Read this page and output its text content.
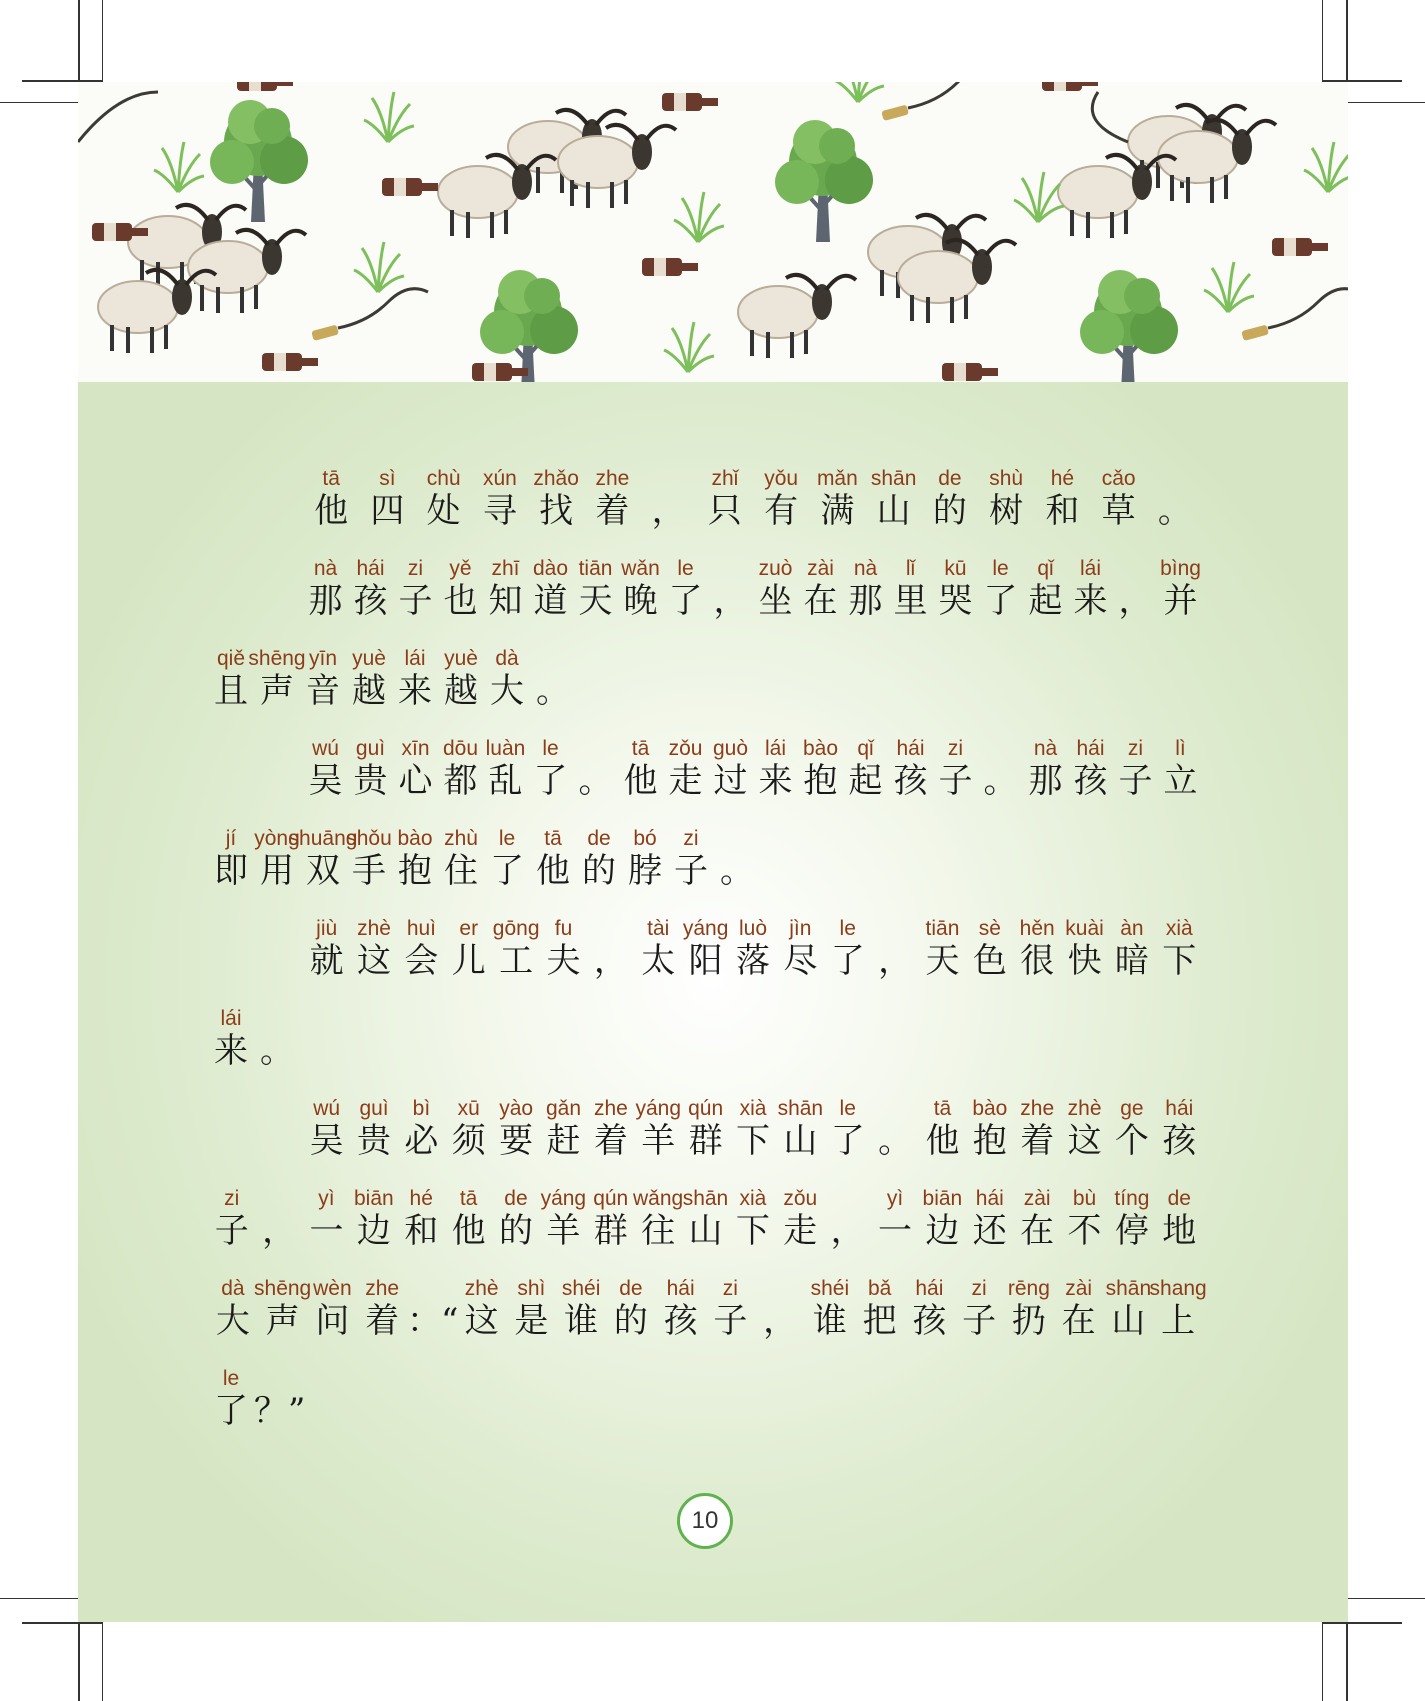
tā
他
sì
四
chù
处
xún
寻
zhǎo
找
zhe
着 ，
zhǐ
只
yǒu
有
mǎn
满
shān
山
de
的
shù
树
hé
和
cǎo
草 。
nà
那
hái
孩
zi
子
yě
也
zhī
知
dào
道
tiān
天
wǎn
晚
le
了 ，
zuò
坐
zài
在
nà
那
lǐ
里
kū
哭
le
了
qǐ
起
lái
来 ，
bìng
并
qiě
且
shēng
声
yīn
音
yuè
越
lái
来
yuè
越
dà
大 。
wú
吴
guì
贵
xīn
心
dōu
都
luàn
乱
le
了 。
tā
他
zǒu
走
guò
过
lái
来
bào
抱
qǐ
起
hái
孩
zi
子 。
nà
那
hái
孩
zi
子
lì
立
jí
即
yòng
用
shuāng
双
shǒu
手
bào
抱
zhù
住
le
了
tā
他
de
的
bó
脖
zi
子 。
jiù
就
zhè
这
huì
会
er
儿
gōng
工
fu
夫 ，
tài
太
yáng
阳
luò
落
jìn
尽
le
了 ，
tiān
天
sè
色
hěn
很
kuài
快
àn
暗
xià
下
lái
来 。
wú
吴
guì
贵
bì
必
xū
须
yào
要
gǎn
赶
zhe
着
yáng
羊
qún
群
xià
下
shān
山
le
了 。
tā
他
bào
抱
zhe
着
zhè
这
ge
个
hái
孩
zi
子 ，
yì
一
biān
边
hé
和
tā
他
de
的
yáng
羊
qún
群
wǎng
往
shān
山
xià
下
zǒu
走 ，
yì
一
biān
边
hái
还
zài
在
bù
不
tíng
停
de
地
dà
大
shēng
声
wèn
问
zhe
着 ：“
zhè
这
shì
是
shéi
谁
de
的
hái
孩
zi
子 ，
shéi
谁
bǎ
把
hái
孩
zi
子
rēng
扔
zài
在
shān
山
shang
上
le
了 ？”
10
